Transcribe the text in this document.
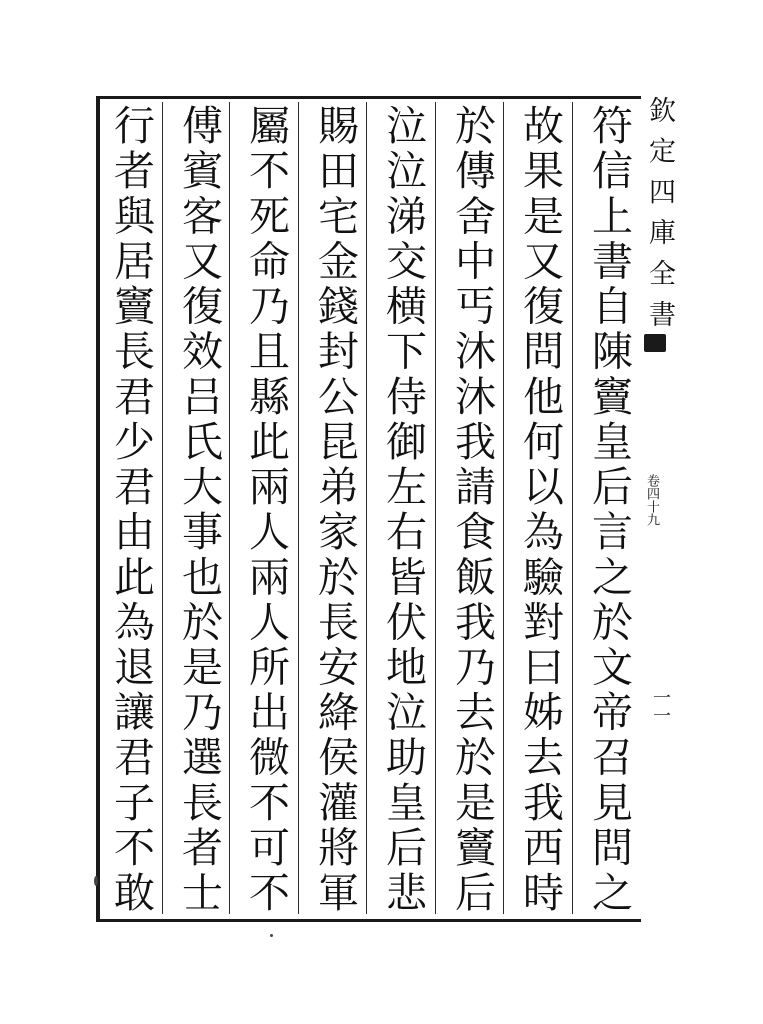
符信上書自陳竇皇后言之於文帝召見問之
故果是又復問他何以為驗對曰姊去我西時
於傳舍中丐沐沐我請食飯我乃去於是竇后
泣泣涕交横下侍御左右皆伏地泣助皇后悲
賜田宅金錢封公昆弟家於長安絳侯灌將軍
屬不死命乃且縣此兩人兩人所出微不可不
傅賓客又復效吕氏大事也於是乃選長者士
行者與居竇長君少君由此為退讓君子不敢
欽定四庫全書
卷四十九
一一
